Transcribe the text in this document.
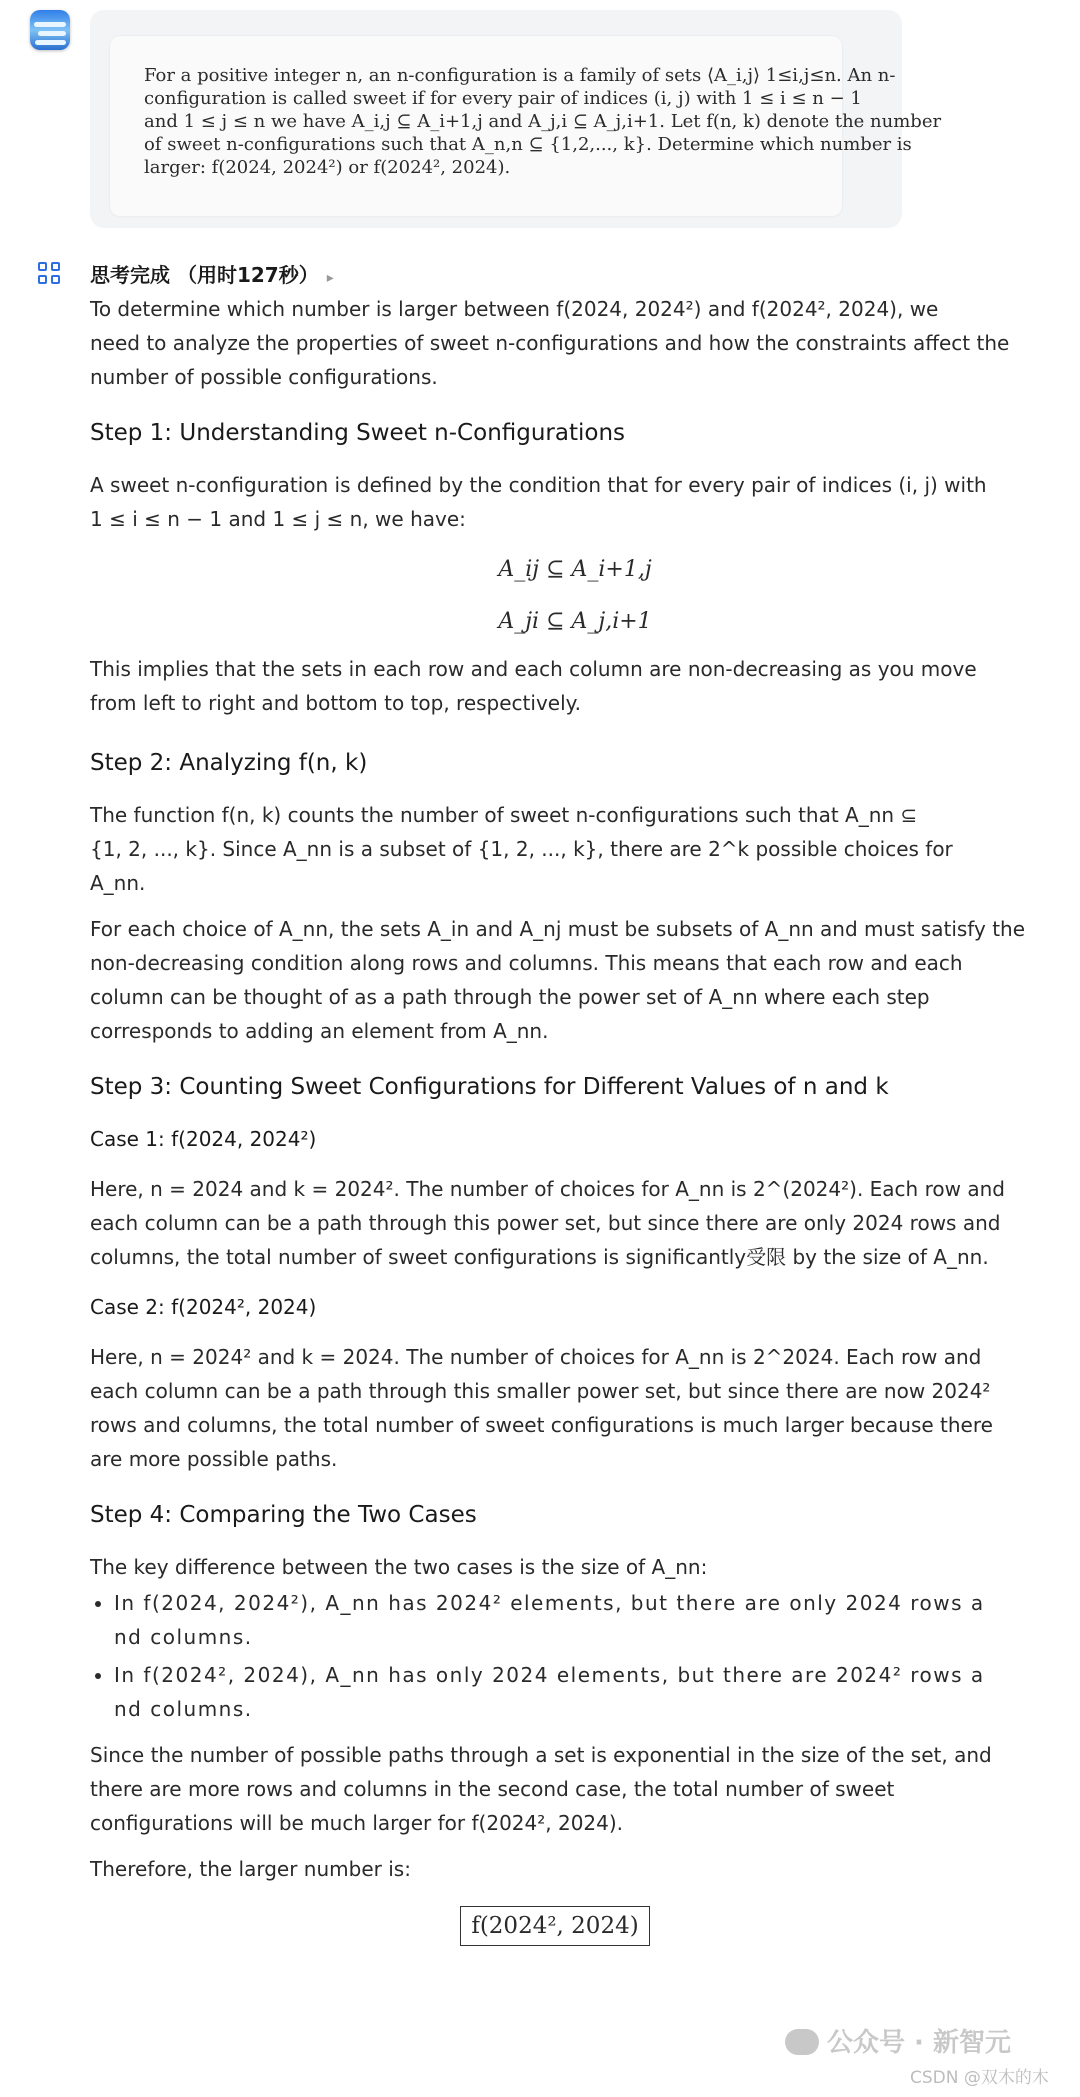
For a positive integer n, an n-configuration is a family of sets ⟨A_i,j⟩ 1≤i,j≤n. An n-
configuration is called sweet if for every pair of indices (i, j) with 1 ≤ i ≤ n − 1
and 1 ≤ j ≤ n we have A_i,j ⊆ A_i+1,j and A_j,i ⊆ A_j,i+1. Let f(n, k) denote the number
of sweet n-configurations such that A_n,n ⊆ {1,2,..., k}. Determine which number is
larger: f(2024, 2024²) or f(2024², 2024).
思考完成 （用时127秒） ▸

To determine which number is larger between f(2024, 2024²) and f(2024², 2024), we
need to analyze the properties of sweet n-configurations and how the constraints affect the
number of possible configurations.

Step 1: Understanding Sweet n-Configurations

A sweet n-configuration is defined by the condition that for every pair of indices (i, j) with
1 ≤ i ≤ n − 1 and 1 ≤ j ≤ n, we have:

A_ij ⊆ A_i+1,j
A_ji ⊆ A_j,i+1

This implies that the sets in each row and each column are non-decreasing as you move
from left to right and bottom to top, respectively.

Step 2: Analyzing f(n, k)

The function f(n, k) counts the number of sweet n-configurations such that A_nn ⊆
{1, 2, ..., k}. Since A_nn is a subset of {1, 2, ..., k}, there are 2^k possible choices for
A_nn.

For each choice of A_nn, the sets A_in and A_nj must be subsets of A_nn and must satisfy the
non-decreasing condition along rows and columns. This means that each row and each
column can be thought of as a path through the power set of A_nn where each step
corresponds to adding an element from A_nn.

Step 3: Counting Sweet Configurations for Different Values of n and k
Case 1: f(2024, 2024²)

Here, n = 2024 and k = 2024². The number of choices for A_nn is 2^(2024²). Each row and
each column can be a path through this power set, but since there are only 2024 rows and
columns, the total number of sweet configurations is significantly受限 by the size of A_nn.

Case 2: f(2024², 2024)

Here, n = 2024² and k = 2024. The number of choices for A_nn is 2^2024. Each row and
each column can be a path through this smaller power set, but since there are now 2024²
rows and columns, the total number of sweet configurations is much larger because there
are more possible paths.

Step 4: Comparing the Two Cases

The key difference between the two cases is the size of A_nn:

• In f(2024, 2024²), A_nn has 2024² elements, but there are only 2024 rows a
nd columns.
• In f(2024², 2024), A_nn has only 2024 elements, but there are 2024² rows a
nd columns.

Since the number of possible paths through a set is exponential in the size of the set, and
there are more rows and columns in the second case, the total number of sweet
configurations will be much larger for f(2024², 2024).

Therefore, the larger number is:

f(2024², 2024)
公众号 · 新智元
CSDN @双木的木
